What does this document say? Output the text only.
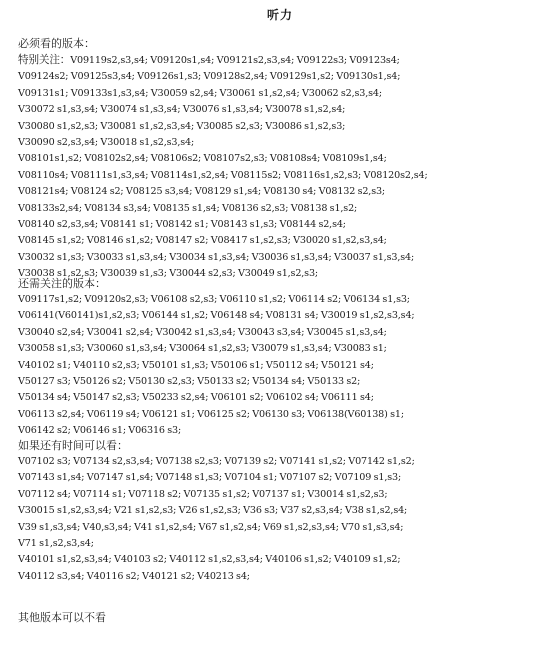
听力

必须看的版本：

特别关注：V09119s2,s3,s4; V09120s1,s4; V09121s2,s3,s4; V09122s3; V09123s4;
V09124s2; V09125s3,s4; V09126s1,s3; V09128s2,s4; V09129s1,s2; V09130s1,s4;
V09131s1; V09133s1,s3,s4; V30059 s2,s4; V30061 s1,s2,s4; V30062 s2,s3,s4;
V30072 s1,s3,s4; V30074 s1,s3,s4; V30076 s1,s3,s4; V30078 s1,s2,s4;
V30080 s1,s2,s3; V30081 s1,s2,s3,s4; V30085 s2,s3; V30086 s1,s2,s3;
V30090 s2,s3,s4; V30018 s1,s2,s3,s4;
V08101s1,s2; V08102s2,s4; V08106s2; V08107s2,s3; V08108s4; V08109s1,s4;
V08110s4; V08111s1,s3,s4; V08114s1,s2,s4; V08115s2; V08116s1,s2,s3; V08120s2,s4;
V08121s4; V08124 s2; V08125 s3,s4; V08129 s1,s4; V08130 s4; V08132 s2,s3;
V08133s2,s4; V08134 s3,s4; V08135 s1,s4; V08136 s2,s3; V08138 s1,s2;
V08140 s2,s3,s4; V08141 s1; V08142 s1; V08143 s1,s3; V08144 s2,s4;
V08145 s1,s2; V08146 s1,s2; V08147 s2; V08417 s1,s2,s3; V30020 s1,s2,s3,s4;
V30032 s1,s3; V30033 s1,s3,s4; V30034 s1,s3,s4; V30036 s1,s3,s4; V30037 s1,s3,s4;
V30038 s1,s2,s3; V30039 s1,s3; V30044 s2,s3; V30049 s1,s2,s3;

还需关注的版本：

V09117s1,s2; V09120s2,s3; V06108 s2,s3; V06110 s1,s2; V06114 s2; V06134 s1,s3;
V06141(V60141)s1,s2,s3; V06144 s1,s2; V06148 s4; V08131 s4; V30019 s1,s2,s3,s4;
V30040 s2,s4; V30041 s2,s4; V30042 s1,s3,s4; V30043 s3,s4; V30045 s1,s3,s4;
V30058 s1,s3; V30060 s1,s3,s4; V30064 s1,s2,s3; V30079 s1,s3,s4; V30083 s1;
V40102 s1; V40110 s2,s3; V50101 s1,s3; V50106 s1; V50112 s4; V50121 s4;
V50127 s3; V50126 s2; V50130 s2,s3; V50133 s2; V50134 s4; V50133 s2;
V50134 s4; V50147 s2,s3; V50233 s2,s4; V06101 s2; V06102 s4; V06111 s4;
V06113 s2,s4; V06119 s4; V06121 s1; V06125 s2; V06130 s3; V06138(V60138) s1;
V06142 s2; V06146 s1; V06316 s3;

如果还有时间可以看：

V07102 s3; V07134 s2,s3,s4; V07138 s2,s3; V07139 s2; V07141 s1,s2; V07142 s1,s2;
V07143 s1,s4; V07147 s1,s4; V07148 s1,s3; V07104 s1; V07107 s2; V07109 s1,s3;
V07112 s4; V07114 s1; V07118 s2; V07135 s1,s2; V07137 s1; V30014 s1,s2,s3;
V30015 s1,s2,s3,s4; V21 s1,s2,s3; V26 s1,s2,s3; V36 s3; V37 s2,s3,s4; V38 s1,s2,s4;
V39 s1,s3,s4; V40,s3,s4; V41 s1,s2,s4; V67 s1,s2,s4; V69 s1,s2,s3,s4; V70 s1,s3,s4;
V71 s1,s2,s3,s4;
V40101 s1,s2,s3,s4; V40103 s2; V40112 s1,s2,s3,s4; V40106 s1,s2; V40109 s1,s2;
V40112 s3,s4; V40116 s2; V40121 s2; V40213 s4;

其他版本可以不看
